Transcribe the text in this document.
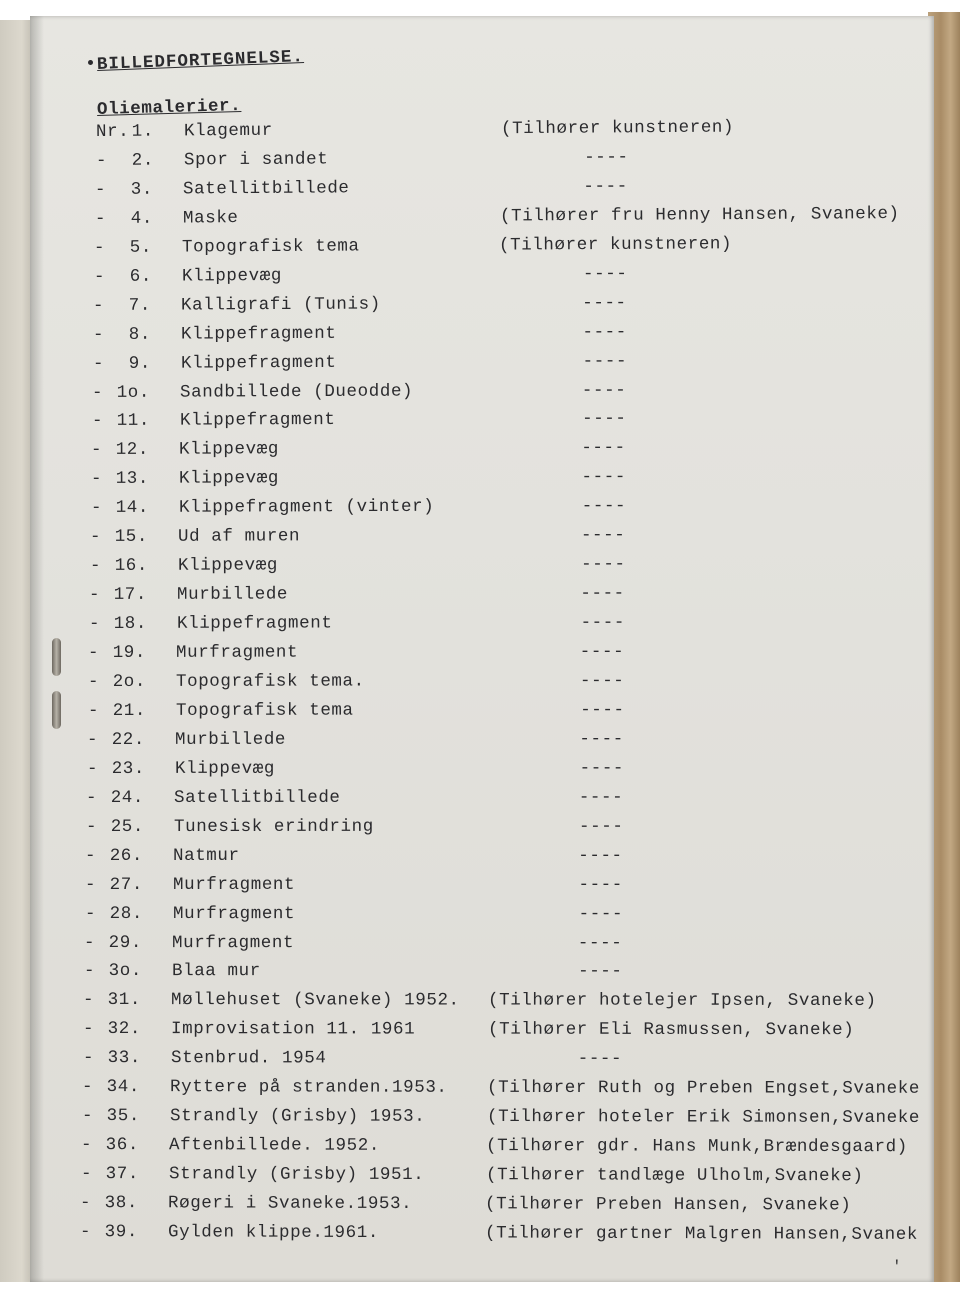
BILLEDFORTEGNELSE.
Oliemalerier.
Nr. 1. Klagemur	(Tilhører kunstneren)
-	2. Spor i sandet	----
-	3. Satellitbillede	----
-	4. Maske	(Tilhører fru Henny Hansen, Svaneke)
-	5. Topografisk tema	(Tilhører kunstneren)
-	6. Klippevæg	----
-	7. Kalligrafi (Tunis)	----
-	8. Klippefragment	----
-	9. Klippefragment	----
- 1o. Sandbillede (Dueodde)	----
- 11. Klippefragment	----
- 12. Klippevæg	----
- 13. Klippevæg	----
- 14. Klippefragment (vinter)	----
- 15. Ud af muren	----
- 16. Klippevæg	----
- 17. Murbillede	----
- 18. Klippefragment	----
- 19. Murfragment	----
- 2o. Topografisk tema.	----
- 21. Topografisk tema	----
- 22. Murbillede	----
- 23. Klippevæg	----
- 24. Satellitbillede	----
- 25. Tunesisk erindring	----
- 26. Natmur	----
- 27. Murfragment	----
- 28. Murfragment	----
- 29. Murfragment	----
- 3o. Blaa mur	----
- 31. Møllehuset (Svaneke) 1952. (Tilhører hotelejer Ipsen, Svaneke)
- 32. Improvisation 11. 1961	(Tilhører Eli Rasmussen, Svaneke)
- 33. Stenbrud. 1954	----
- 34. Ryttere på stranden.1953. (Tilhører Ruth og Preben Engset,Svaneke
- 35. Strandly (Grisby) 1953.	(Tilhører hoteler Erik Simonsen,Svaneke
- 36. Aftenbillede. 1952.	(Tilhører gdr. Hans Munk,Brændesgaard)
- 37. Strandly (Grisby) 1951.	(Tilhører tandlæge Ulholm,Svaneke)
- 38. Røgeri i Svaneke.1953.	(Tilhører Preben Hansen, Svaneke)
- 39. Gylden klippe.1961.	(Tilhører gartner Malgren Hansen,Svanek
'
